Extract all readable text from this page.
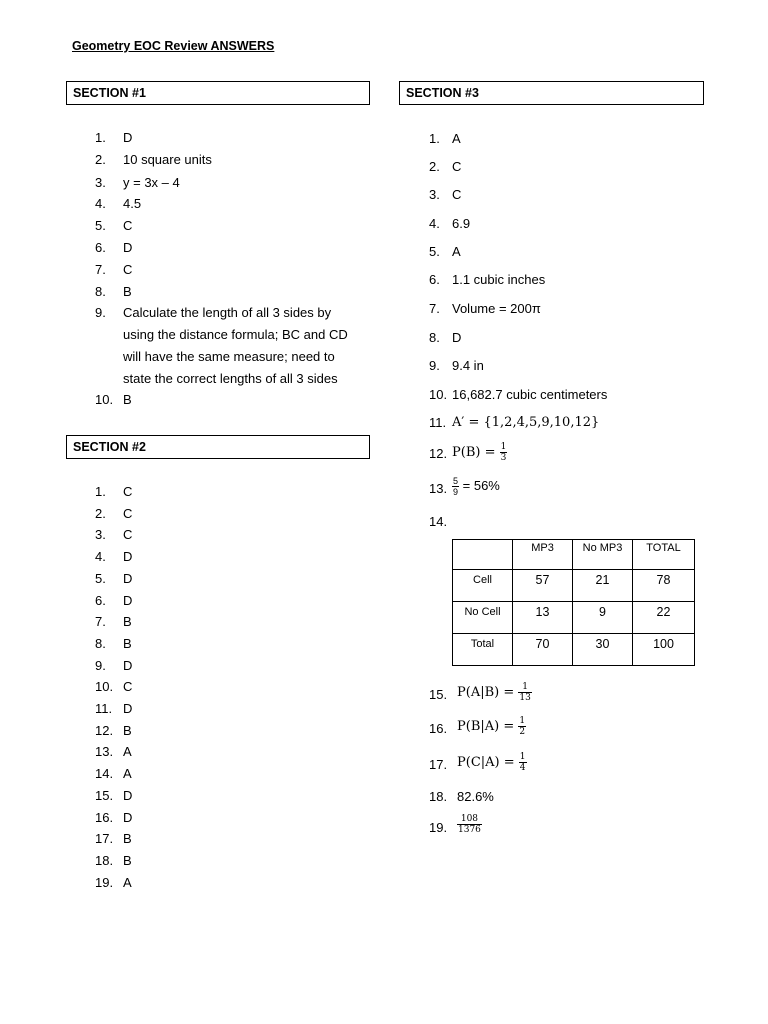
Geometry EOC Review ANSWERS
SECTION #1
1. D
2. 10 square units
3. y = 3x – 4
4. 4.5
5. C
6. D
7. C
8. B
9. Calculate the length of all 3 sides by
using the distance formula; BC and CD
will have the same measure; need to
state the correct lengths of all 3 sides
10. B
SECTION #2
1. C
2. C
3. C
4. D
5. D
6. D
7. B
8. B
9. D
10. C
11. D
12. B
13. A
14. A
15. D
16. D
17. B
18. B
19. A
SECTION #3
1. A
2. C
3. C
4. 6.9
5. A
6. 1.1 cubic inches
7. Volume = 200π
8. D
9. 9.4 in
10. 16,682.7 cubic centimeters
11. A′ = {1,2,4,5,9,10,12}
12. $P(B) = \frac{1}{3}$
13. $\frac{5}{9} = 56\%$
14.
	MP3	No MP3	TOTAL
Cell	57	21	78
No Cell	13	9	22
Total	70	30	100
15. $P(A|B) = \frac{1}{13}$
16. $P(B|A) = \frac{1}{2}$
17. $P(C|A) = \frac{1}{4}$
18. 82.6%
19. $\frac{108}{1376}$
